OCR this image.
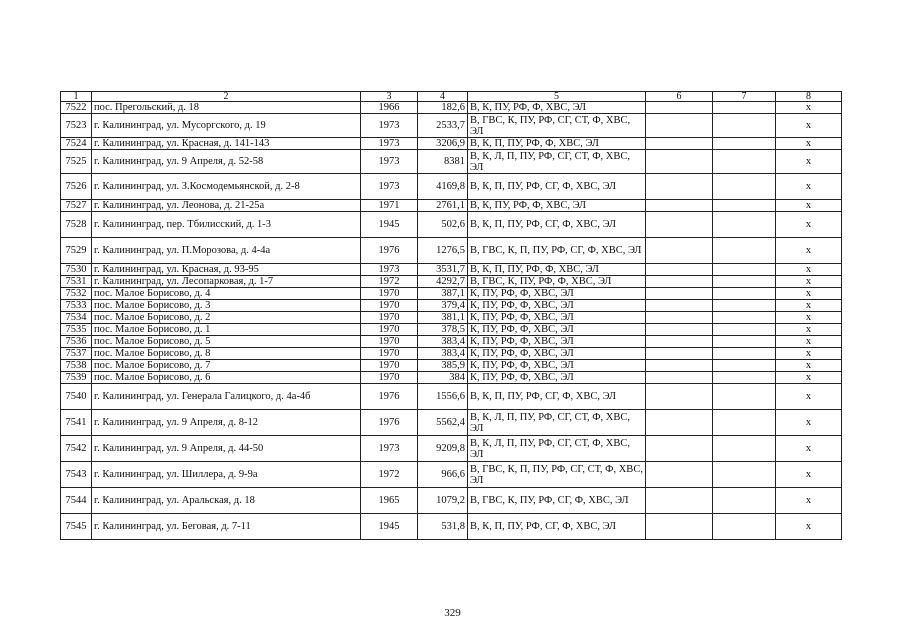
1	2	3	4	5	6	7	8
7522	пос. Прегольский, д. 18	1966	182,6	В, К, ПУ, РФ, Ф, ХВС, ЭЛ			x
7523	г. Калининград, ул. Мусоргского, д. 19	1973	2533,7	В, ГВС, К, ПУ, РФ, СГ, СТ, Ф, ХВС, ЭЛ			x
7524	г. Калининград, ул. Красная, д. 141-143	1973	3206,9	В, К, П, ПУ, РФ, Ф, ХВС, ЭЛ			x
7525	г. Калининград, ул. 9 Апреля, д. 52-58	1973	8381	В, К, Л, П, ПУ, РФ, СГ, СТ, Ф, ХВС, ЭЛ			x
7526	г. Калининград, ул. З.Космодемьянской, д. 2-8	1973	4169,8	В, К, П, ПУ, РФ, СГ, Ф, ХВС, ЭЛ			x
7527	г. Калининград, ул. Леонова, д. 21-25а	1971	2761,1	В, К, ПУ, РФ, Ф, ХВС, ЭЛ			x
7528	г. Калининград, пер. Тбилисский, д. 1-3	1945	502,6	В, К, П, ПУ, РФ, СГ, Ф, ХВС, ЭЛ			x
7529	г. Калининград, ул. П.Морозова, д. 4-4а	1976	1276,5	В, ГВС, К, П, ПУ, РФ, СГ, Ф, ХВС, ЭЛ			x
7530	г. Калининград, ул. Красная, д. 93-95	1973	3531,7	В, К, П, ПУ, РФ, Ф, ХВС, ЭЛ			x
7531	г. Калининград, ул. Лесопарковая, д. 1-7	1972	4292,7	В, ГВС, К, ПУ, РФ, Ф, ХВС, ЭЛ			x
7532	пос. Малое Борисово, д. 4	1970	387,1	К, ПУ, РФ, Ф, ХВС, ЭЛ			x
7533	пос. Малое Борисово, д. 3	1970	379,4	К, ПУ, РФ, Ф, ХВС, ЭЛ			x
7534	пос. Малое Борисово, д. 2	1970	381,1	К, ПУ, РФ, Ф, ХВС, ЭЛ			x
7535	пос. Малое Борисово, д. 1	1970	378,5	К, ПУ, РФ, Ф, ХВС, ЭЛ			x
7536	пос. Малое Борисово, д. 5	1970	383,4	К, ПУ, РФ, Ф, ХВС, ЭЛ			x
7537	пос. Малое Борисово, д. 8	1970	383,4	К, ПУ, РФ, Ф, ХВС, ЭЛ			x
7538	пос. Малое Борисово, д. 7	1970	385,9	К, ПУ, РФ, Ф, ХВС, ЭЛ			x
7539	пос. Малое Борисово, д. 6	1970	384	К, ПУ, РФ, Ф, ХВС, ЭЛ			x
7540	г. Калининград, ул. Генерала Галицкого, д. 4а-4б	1976	1556,6	В, К, П, ПУ, РФ, СГ, Ф, ХВС, ЭЛ			x
7541	г. Калининград, ул. 9 Апреля, д. 8-12	1976	5562,4	В, К, Л, П, ПУ, РФ, СГ, СТ, Ф, ХВС, ЭЛ			x
7542	г. Калининград, ул. 9 Апреля, д. 44-50	1973	9209,8	В, К, Л, П, ПУ, РФ, СГ, СТ, Ф, ХВС, ЭЛ			x
7543	г. Калининград, ул. Шиллера, д. 9-9а	1972	966,6	В, ГВС, К, П, ПУ, РФ, СГ, СТ, Ф, ХВС, ЭЛ			x
7544	г. Калининград, ул. Аральская, д. 18	1965	1079,2	В, ГВС, К, ПУ, РФ, СГ, Ф, ХВС, ЭЛ			x
7545	г. Калининград, ул. Беговая, д. 7-11	1945	531,8	В, К, П, ПУ, РФ, СГ, Ф, ХВС, ЭЛ			x
329
